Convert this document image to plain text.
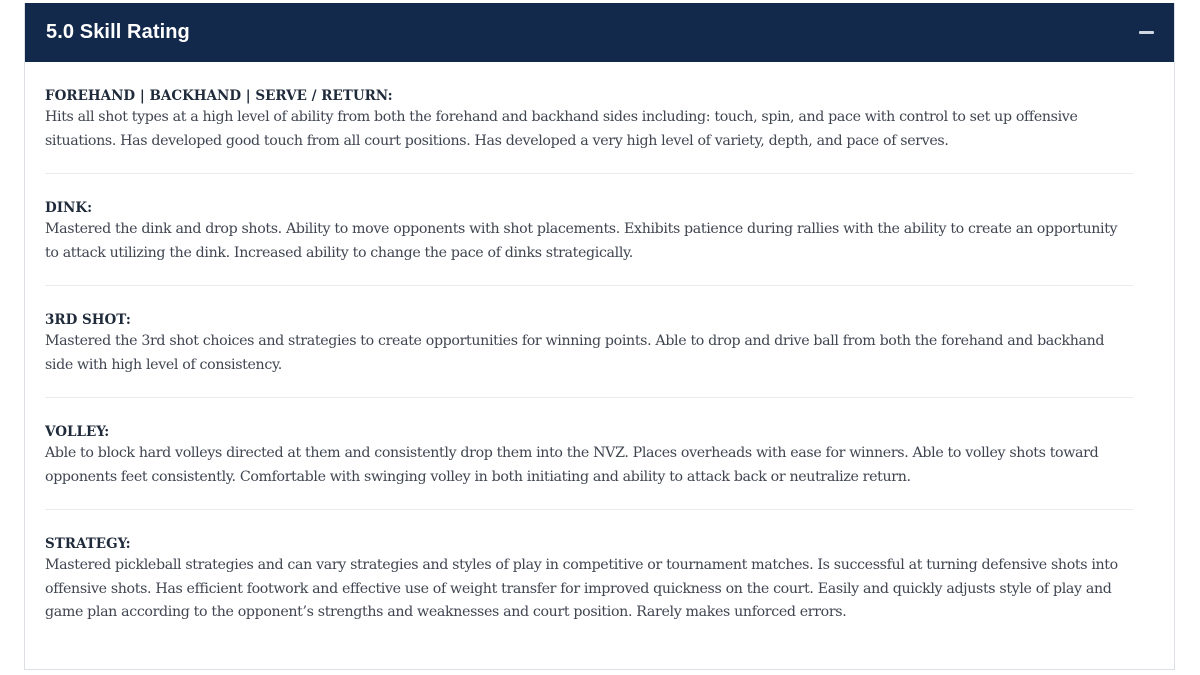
5.0 Skill Rating

FOREHAND | BACKHAND | SERVE / RETURN:

Hits all shot types at a high level of ability from both the forehand and backhand sides including: touch, spin, and pace with control to set up offensive situations. Has developed good touch from all court positions. Has developed a very high level of variety, depth, and pace of serves.

DINK:

Mastered the dink and drop shots. Ability to move opponents with shot placements. Exhibits patience during rallies with the ability to create an opportunity to attack utilizing the dink. Increased ability to change the pace of dinks strategically.

3RD SHOT:

Mastered the 3rd shot choices and strategies to create opportunities for winning points. Able to drop and drive ball from both the forehand and backhand side with high level of consistency.

VOLLEY:

Able to block hard volleys directed at them and consistently drop them into the NVZ. Places overheads with ease for winners. Able to volley shots toward opponents feet consistently. Comfortable with swinging volley in both initiating and ability to attack back or neutralize return.

STRATEGY:

Mastered pickleball strategies and can vary strategies and styles of play in competitive or tournament matches. Is successful at turning defensive shots into offensive shots. Has efficient footwork and effective use of weight transfer for improved quickness on the court. Easily and quickly adjusts style of play and game plan according to the opponent’s strengths and weaknesses and court position. Rarely makes unforced errors.
